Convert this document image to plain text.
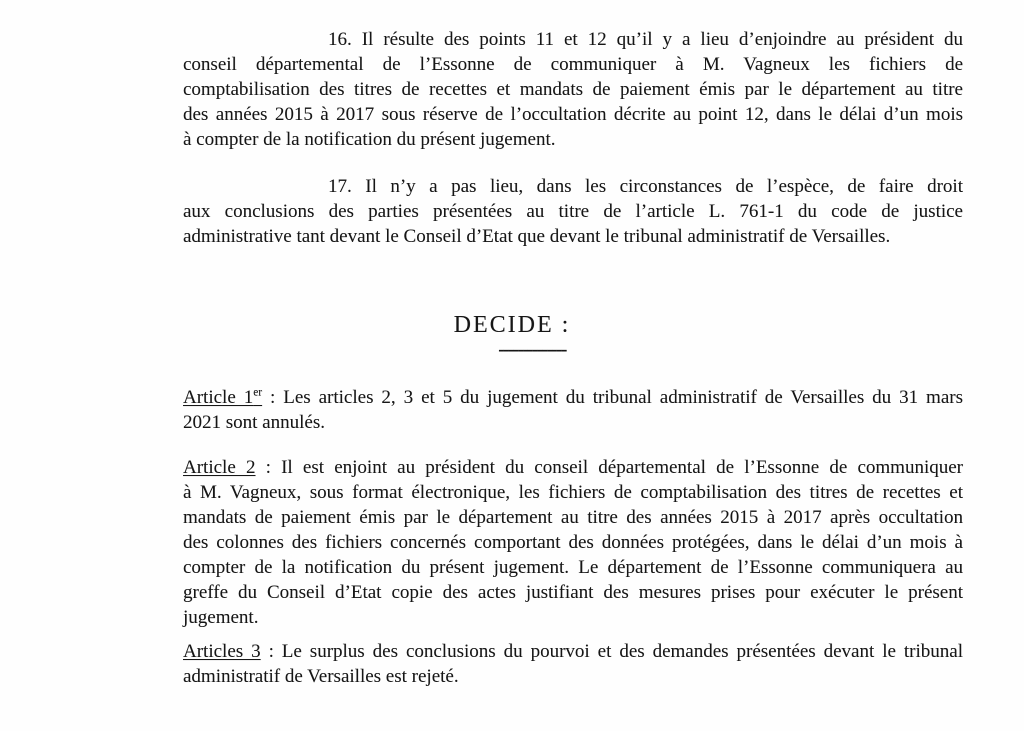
16. Il résulte des points 11 et 12 qu’il y a lieu d’enjoindre au président du
conseil départemental de l’Essonne de communiquer à M. Vagneux les fichiers de
comptabilisation des titres de recettes et mandats de paiement émis par le département au titre
des années 2015 à 2017 sous réserve de l’occultation décrite au point 12, dans le délai d’un mois
à compter de la notification du présent jugement.
17. Il n’y a pas lieu, dans les circonstances de l’espèce, de faire droit
aux conclusions des parties présentées au titre de l’article L. 761-1 du code de justice
administrative tant devant le Conseil d’Etat que devant le tribunal administratif de Versailles.
DECIDE :
--------------
Article 1er : Les articles 2, 3 et 5 du jugement du tribunal administratif de Versailles du 31 mars
2021 sont annulés.
Article 2 : Il est enjoint au président du conseil départemental de l’Essonne de communiquer
à M. Vagneux, sous format électronique, les fichiers de comptabilisation des titres de recettes et
mandats de paiement émis par le département au titre des années 2015 à 2017 après occultation
des colonnes des fichiers concernés comportant des données protégées, dans le délai d’un mois à
compter de la notification du présent jugement. Le département de l’Essonne communiquera au
greffe du Conseil d’Etat copie des actes justifiant des mesures prises pour exécuter le présent
jugement.
Articles 3 : Le surplus des conclusions du pourvoi et des demandes présentées devant le tribunal
administratif de Versailles est rejeté.
